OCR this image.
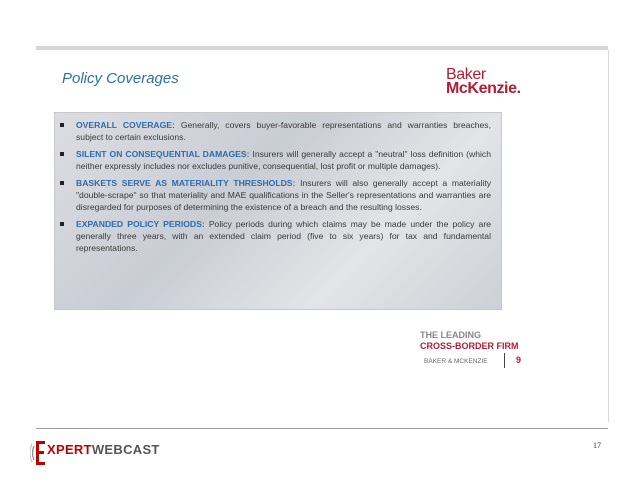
Baker
McKenzie.
Policy Coverages
OVERALL COVERAGE: Generally, covers buyer-favorable representations and warranties breaches, subject to certain exclusions.
SILENT ON CONSEQUENTIAL DAMAGES: Insurers will generally accept a "neutral" loss definition (which neither expressly includes nor excludes punitive, consequential, lost profit or multiple damages).
BASKETS SERVE AS MATERIALITY THRESHOLDS: Insurers will also generally accept a materiality "double-scrape" so that materiality and MAE qualifications in the Seller's representations and warranties are disregarded for purposes of determining the existence of a breach and the resulting losses.
EXPANDED POLICY PERIODS: Policy periods during which claims may be made under the policy are generally three years, with an extended claim period (five to six years) for tax and fundamental representations.
THE LEADING
CROSS-BORDER FIRM
BAKER & MCKENZIE	9
XPERTWEBCAST	17
